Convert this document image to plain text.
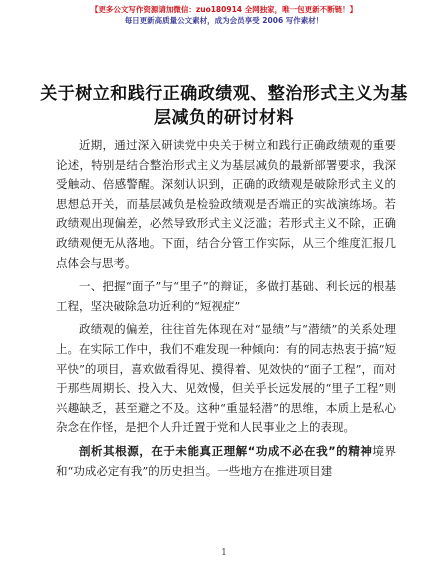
【更多公文写作资源请加微信：zuo180914 全网独家，唯一包更新不断链！】
每日更新高质量公文素材，成为会员享受 2006 写作素材！
关于树立和践行正确政绩观、整治形式主义为基层减负的研讨材料

近期，通过深入研读党中央关于树立和践行正确政绩观的重要论述，特别是结合整治形式主义为基层减负的最新部署要求，我深受触动、倍感警醒。深刻认识到，正确的政绩观是破除形式主义的思想总开关，而基层减负是检验政绩观是否端正的实战演练场。若政绩观出现偏差，必然导致形式主义泛滥；若形式主义不除，正确政绩观便无从落地。下面，结合分管工作实际，从三个维度汇报几点体会与思考。

一、把握“面子”与“里子”的辩证，多做打基础、利长远的根基工程，坚决破除急功近利的“短视症”

政绩观的偏差，往往首先体现在对“显绩”与“潜绩”的关系处理上。在实际工作中，我们不难发现一种倾向：有的同志热衷于搞“短平快”的项目，喜欢做看得见、摸得着、见效快的“面子工程”，而对于那些周期长、投入大、见效慢，但关乎长远发展的“里子工程”则兴趣缺乏，甚至避之不及。这种“重显轻潜”的思维，本质上是私心杂念在作怪，是把个人升迁置于党和人民事业之上的表现。

剖析其根源，在于未能真正理解“功成不必在我”的精神境界和“功成必定有我”的历史担当。一些地方在推进项目建

1
